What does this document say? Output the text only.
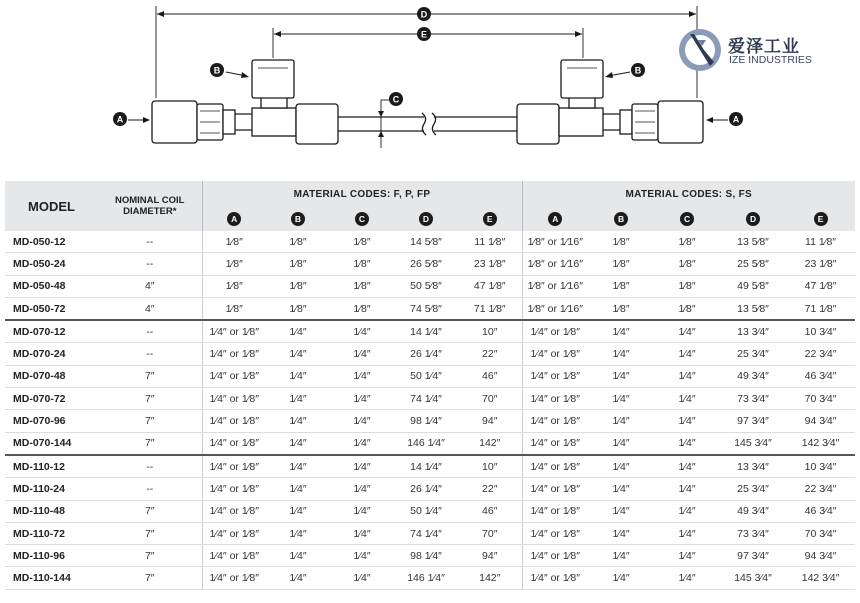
A
B
C
D
E
B
A
爱泽工业
IZE INDUSTRIES
MODEL	NOMINAL COIL
DIAMETER*	MATERIAL CODES: F, P, FP					MATERIAL CODES: S, FS				
		A	B	C	D	E	A	B	C	D	E
MD-050-12	--	1⁄8″	1⁄8″	1⁄8″	14 5⁄8″	11 1⁄8″	1⁄8″ or 1⁄16″	1⁄8″	1⁄8″	13 5⁄8″	11 1⁄8″
MD-050-24	--	1⁄8″	1⁄8″	1⁄8″	26 5⁄8″	23 1⁄8″	1⁄8″ or 1⁄16″	1⁄8″	1⁄8″	25 5⁄8″	23 1⁄8″
MD-050-48	4″	1⁄8″	1⁄8″	1⁄8″	50 5⁄8″	47 1⁄8″	1⁄8″ or 1⁄16″	1⁄8″	1⁄8″	49 5⁄8″	47 1⁄8″
MD-050-72	4″	1⁄8″	1⁄8″	1⁄8″	74 5⁄8″	71 1⁄8″	1⁄8″ or 1⁄16″	1⁄8″	1⁄8″	13 5⁄8″	71 1⁄8″
MD-070-12	--	1⁄4″ or 1⁄8″	1⁄4″	1⁄4″	14 1⁄4″	10″	1⁄4″ or 1⁄8″	1⁄4″	1⁄4″	13 3⁄4″	10 3⁄4″
MD-070-24	--	1⁄4″ or 1⁄8″	1⁄4″	1⁄4″	26 1⁄4″	22″	1⁄4″ or 1⁄8″	1⁄4″	1⁄4″	25 3⁄4″	22 3⁄4″
MD-070-48	7″	1⁄4″ or 1⁄8″	1⁄4″	1⁄4″	50 1⁄4″	46″	1⁄4″ or 1⁄8″	1⁄4″	1⁄4″	49 3⁄4″	46 3⁄4″
MD-070-72	7″	1⁄4″ or 1⁄8″	1⁄4″	1⁄4″	74 1⁄4″	70″	1⁄4″ or 1⁄8″	1⁄4″	1⁄4″	73 3⁄4″	70 3⁄4″
MD-070-96	7″	1⁄4″ or 1⁄8″	1⁄4″	1⁄4″	98 1⁄4″	94″	1⁄4″ or 1⁄8″	1⁄4″	1⁄4″	97 3⁄4″	94 3⁄4″
MD-070-144	7″	1⁄4″ or 1⁄8″	1⁄4″	1⁄4″	146 1⁄4″	142″	1⁄4″ or 1⁄8″	1⁄4″	1⁄4″	145 3⁄4″	142 3⁄4″
MD-110-12	--	1⁄4″ or 1⁄8″	1⁄4″	1⁄4″	14 1⁄4″	10″	1⁄4″ or 1⁄8″	1⁄4″	1⁄4″	13 3⁄4″	10 3⁄4″
MD-110-24	--	1⁄4″ or 1⁄8″	1⁄4″	1⁄4″	26 1⁄4″	22″	1⁄4″ or 1⁄8″	1⁄4″	1⁄4″	25 3⁄4″	22 3⁄4″
MD-110-48	7″	1⁄4″ or 1⁄8″	1⁄4″	1⁄4″	50 1⁄4″	46″	1⁄4″ or 1⁄8″	1⁄4″	1⁄4″	49 3⁄4″	46 3⁄4″
MD-110-72	7″	1⁄4″ or 1⁄8″	1⁄4″	1⁄4″	74 1⁄4″	70″	1⁄4″ or 1⁄8″	1⁄4″	1⁄4″	73 3⁄4″	70 3⁄4″
MD-110-96	7″	1⁄4″ or 1⁄8″	1⁄4″	1⁄4″	98 1⁄4″	94″	1⁄4″ or 1⁄8″	1⁄4″	1⁄4″	97 3⁄4″	94 3⁄4″
MD-110-144	7″	1⁄4″ or 1⁄8″	1⁄4″	1⁄4″	146 1⁄4″	142″	1⁄4″ or 1⁄8″	1⁄4″	1⁄4″	145 3⁄4″	142 3⁄4″
